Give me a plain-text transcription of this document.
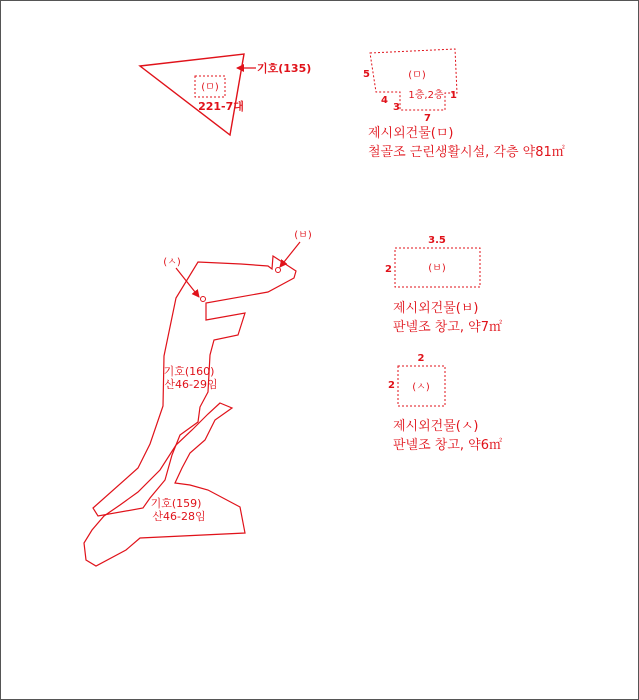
(ㅁ)
221-7대
기호(135)
(ㅁ)
1층,2층
5
4
3
1
7
제시외건물(ㅁ)
철골조 근린생활시설, 각층 약81㎡
기호(160)
산46-29임
(ㅅ)
(ㅂ)
기호(159)
산46-28임
(ㅂ)
3.5
2
제시외건물(ㅂ)
판넬조 창고, 약7㎡
(ㅅ)
2
2
제시외건물(ㅅ)
판넬조 창고, 약6㎡
